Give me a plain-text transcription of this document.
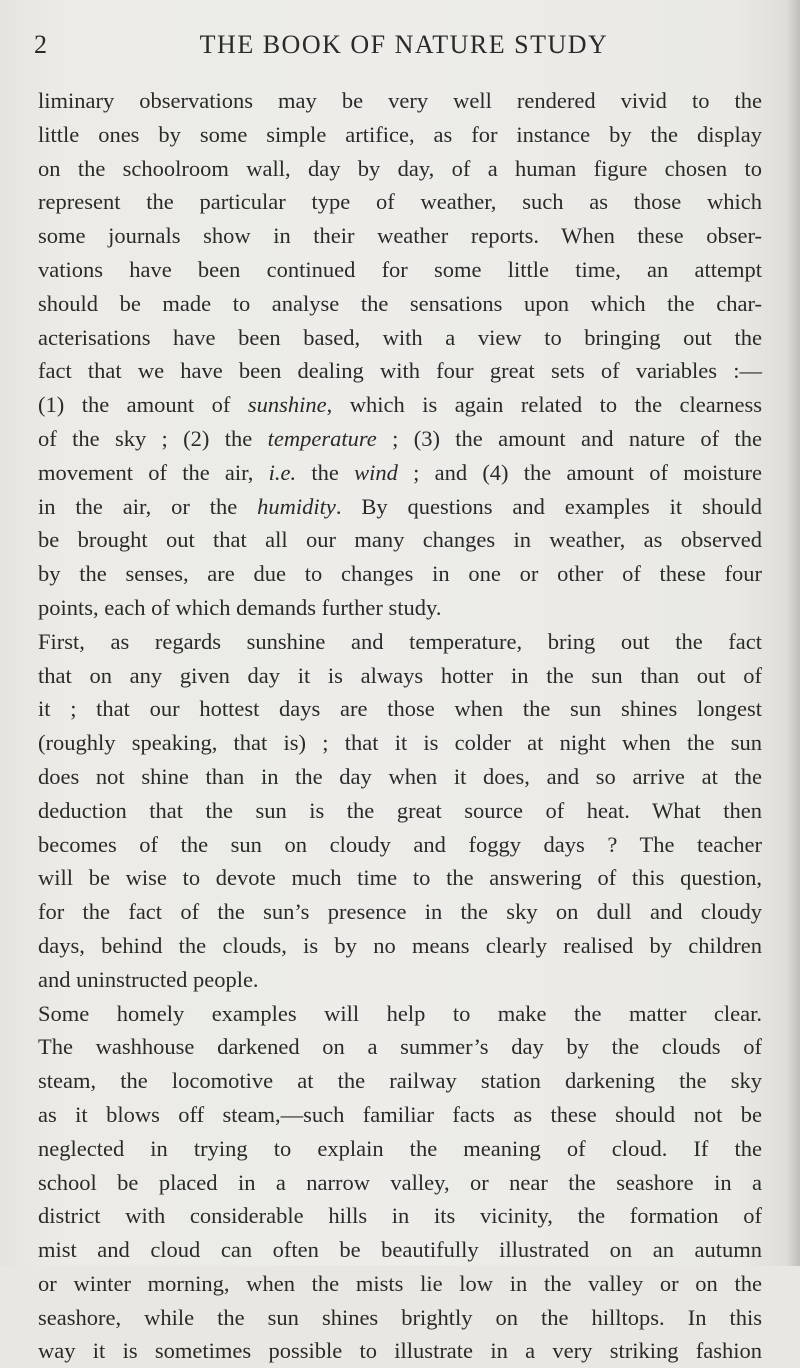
2	THE BOOK OF NATURE STUDY
liminary observations may be very well rendered vivid to the
little ones by some simple artifice, as for instance by the display
on the schoolroom wall, day by day, of a human figure chosen to
represent the particular type of weather, such as those which
some journals show in their weather reports. When these obser-
vations have been continued for some little time, an attempt
should be made to analyse the sensations upon which the char-
acterisations have been based, with a view to bringing out the
fact that we have been dealing with four great sets of variables :—
(1) the amount of sunshine, which is again related to the clearness
of the sky ; (2) the temperature ; (3) the amount and nature of the
movement of the air, i.e. the wind ; and (4) the amount of moisture
in the air, or the humidity. By questions and examples it should
be brought out that all our many changes in weather, as observed
by the senses, are due to changes in one or other of these four
points, each of which demands further study.
First, as regards sunshine and temperature, bring out the fact
that on any given day it is always hotter in the sun than out of
it ; that our hottest days are those when the sun shines longest
(roughly speaking, that is) ; that it is colder at night when the sun
does not shine than in the day when it does, and so arrive at the
deduction that the sun is the great source of heat. What then
becomes of the sun on cloudy and foggy days ? The teacher
will be wise to devote much time to the answering of this question,
for the fact of the sun’s presence in the sky on dull and cloudy
days, behind the clouds, is by no means clearly realised by children
and uninstructed people.
Some homely examples will help to make the matter clear.
The washhouse darkened on a summer’s day by the clouds of
steam, the locomotive at the railway station darkening the sky
as it blows off steam,—such familiar facts as these should not be
neglected in trying to explain the meaning of cloud. If the
school be placed in a narrow valley, or near the seashore in a
district with considerable hills in its vicinity, the formation of
mist and cloud can often be beautifully illustrated on an autumn
or winter morning, when the mists lie low in the valley or on the
seashore, while the sun shines brightly on the hilltops. In this
way it is sometimes possible to illustrate in a very striking fashion
